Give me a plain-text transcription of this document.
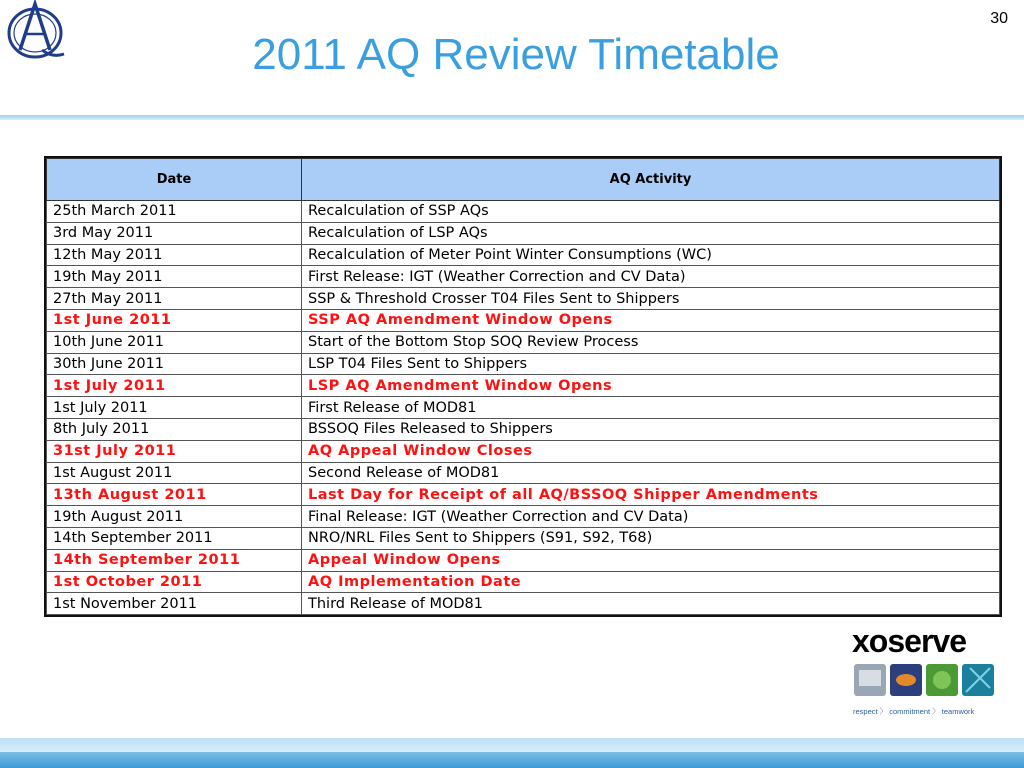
30
2011 AQ Review Timetable
Date	AQ Activity
25th March 2011	Recalculation of SSP AQs
3rd May 2011	Recalculation of LSP AQs
12th May 2011	Recalculation of Meter Point Winter Consumptions (WC)
19th May 2011	First Release: IGT (Weather Correction and CV Data)
27th May 2011	SSP & Threshold Crosser T04 Files Sent to Shippers
1st June 2011	SSP AQ Amendment Window Opens
10th June 2011	Start of the Bottom Stop SOQ Review Process
30th June 2011	LSP T04 Files Sent to Shippers
1st July 2011	LSP AQ Amendment Window Opens
1st July 2011	First Release of MOD81
8th July 2011	BSSOQ Files Released to Shippers
31st July 2011	AQ Appeal Window Closes
1st August 2011	Second Release of MOD81
13th August 2011	Last Day for Receipt of all AQ/BSSOQ Shipper Amendments
19th August 2011	Final Release: IGT (Weather Correction and CV Data)
14th September 2011	NRO/NRL Files Sent to Shippers (S91, S92, T68)
14th September 2011	Appeal Window Opens
1st October 2011	AQ Implementation Date
1st November 2011	Third Release of MOD81
xoserve
respect 〉 commitment 〉 teamwork
